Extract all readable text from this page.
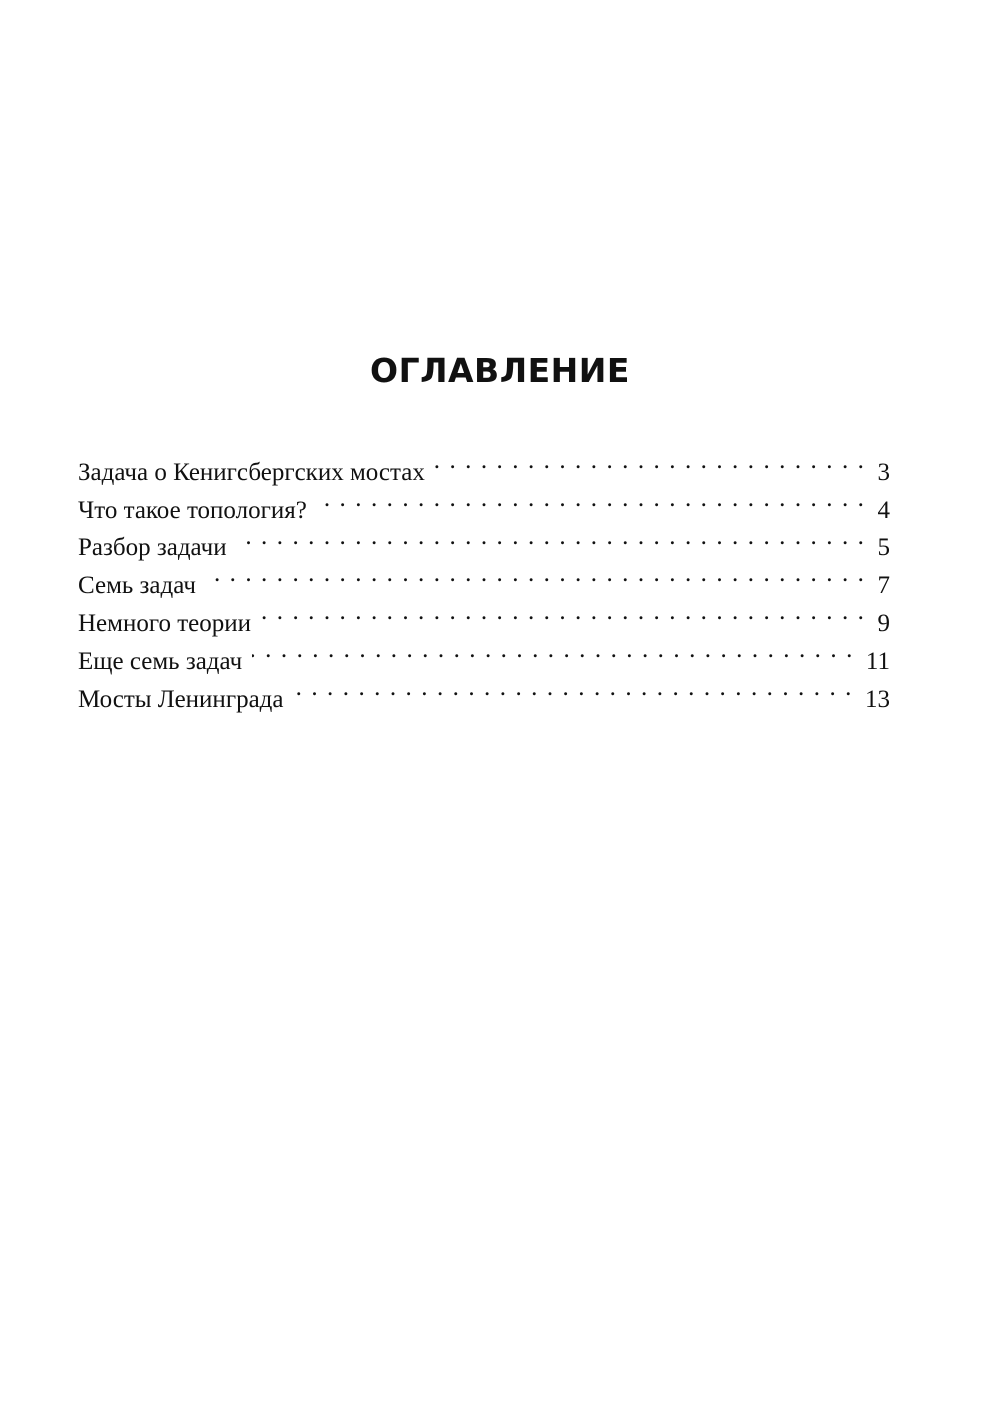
ОГЛАВЛЕНИЕ
Задача о Кенигсбергских мостах . . .	3
Что такое топология? . . .	4
Разбор задачи . . .	5
Семь задач . . .	7
Немного теории . . .	9
Еще семь задач . . .	11
Мосты Ленинграда . . .	13
